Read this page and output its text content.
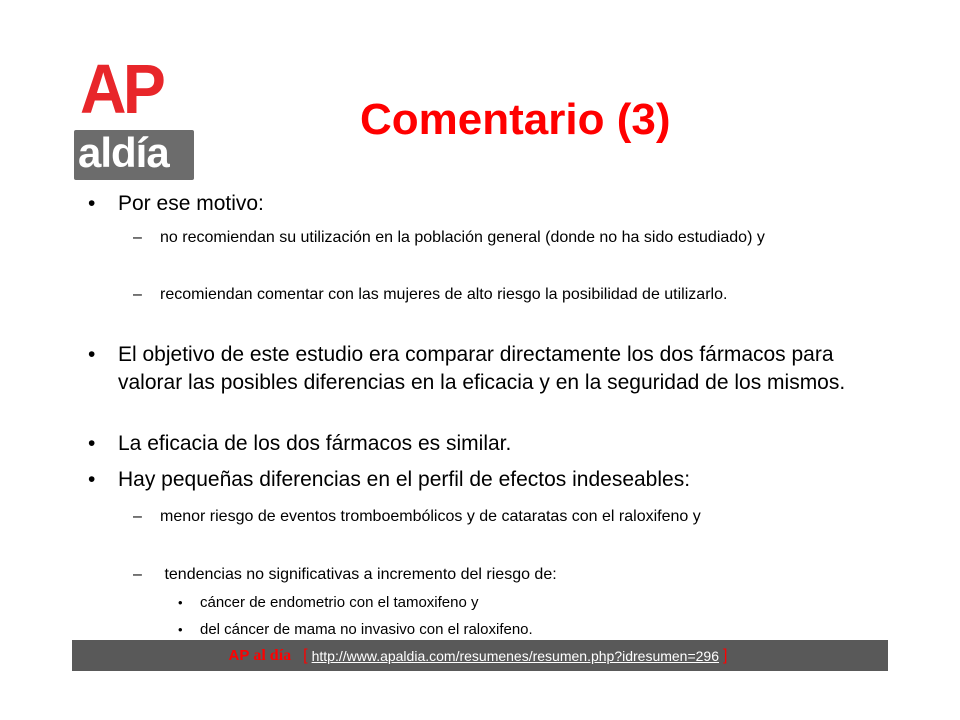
AP
aldía
Comentario (3)
• Por ese motivo:
– no recomiendan su utilización en la población general (donde no ha sido estudiado) y
– recomiendan comentar con las mujeres de alto riesgo la posibilidad de utilizarlo.
• El objetivo de este estudio era comparar directamente los dos fármacos para valorar las posibles diferencias en la eficacia y en la seguridad de los mismos.
• La eficacia de los dos fármacos es similar.
• Hay pequeñas diferencias en el perfil de efectos indeseables:
– menor riesgo de eventos tromboembólicos y de cataratas con el raloxifeno y
– tendencias no significativas a incremento del riesgo de:
• cáncer de endometrio con el tamoxifeno y
• del cáncer de mama no invasivo con el raloxifeno.
AP al día [ http://www.apaldia.com/resumenes/resumen.php?idresumen=296 ]
